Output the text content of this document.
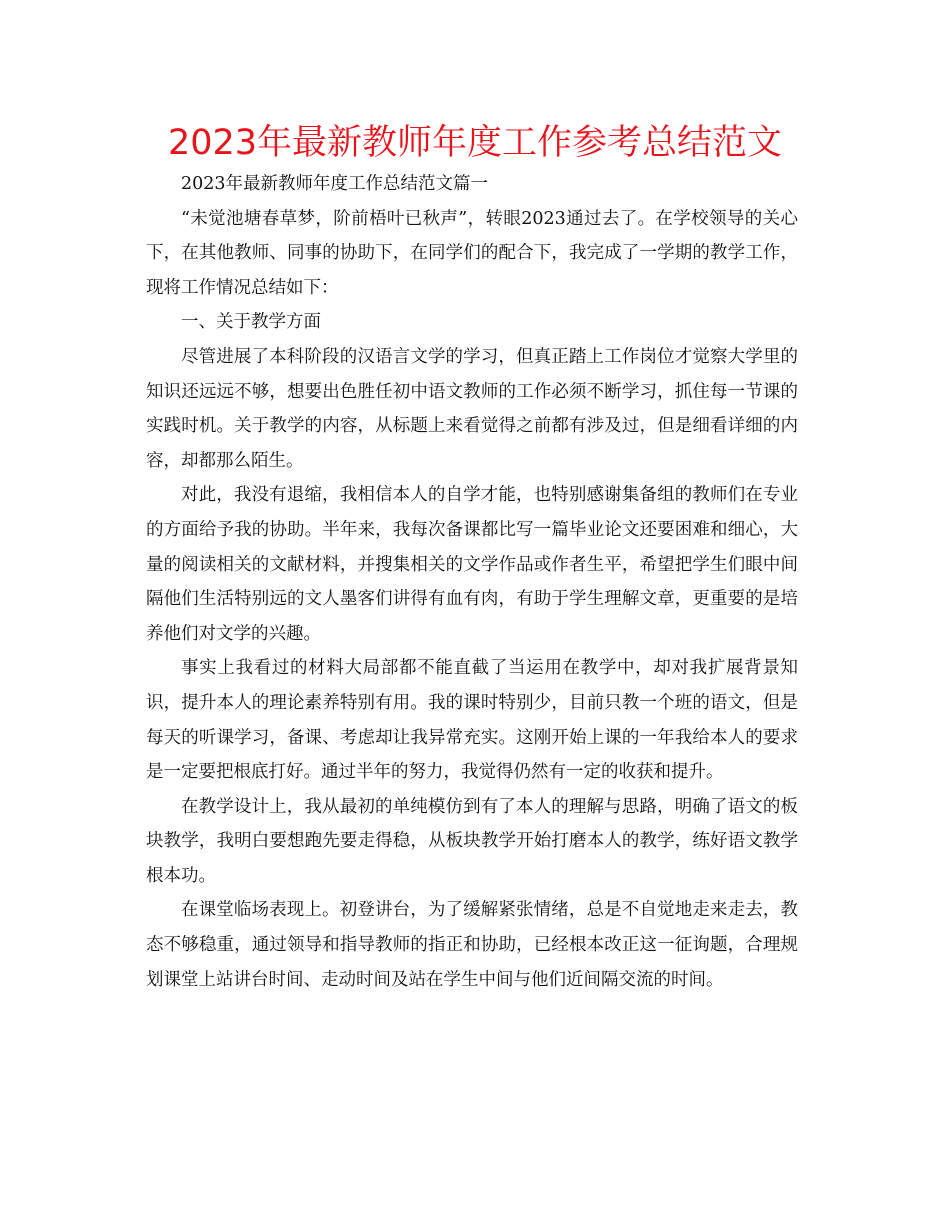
2023年最新教师年度工作参考总结范文

2023年最新教师年度工作总结范文篇一

“未觉池塘春草梦，阶前梧叶已秋声”，转眼2023通过去了。在学校领导的关心下，在其他教师、同事的协助下，在同学们的配合下，我完成了一学期的教学工作，现将工作情况总结如下：

一、关于教学方面

尽管进展了本科阶段的汉语言文学的学习，但真正踏上工作岗位才觉察大学里的知识还远远不够，想要出色胜任初中语文教师的工作必须不断学习，抓住每一节课的实践时机。关于教学的内容，从标题上来看觉得之前都有涉及过，但是细看详细的内容，却都那么陌生。

对此，我没有退缩，我相信本人的自学才能，也特别感谢集备组的教师们在专业的方面给予我的协助。半年来，我每次备课都比写一篇毕业论文还要困难和细心，大量的阅读相关的文献材料，并搜集相关的文学作品或作者生平，希望把学生们眼中间隔他们生活特别远的文人墨客们讲得有血有肉，有助于学生理解文章，更重要的是培养他们对文学的兴趣。

事实上我看过的材料大局部都不能直截了当运用在教学中，却对我扩展背景知识，提升本人的理论素养特别有用。我的课时特别少，目前只教一个班的语文，但是每天的听课学习，备课、考虑却让我异常充实。这刚开始上课的一年我给本人的要求是一定要把根底打好。通过半年的努力，我觉得仍然有一定的收获和提升。

在教学设计上，我从最初的单纯模仿到有了本人的理解与思路，明确了语文的板块教学，我明白要想跑先要走得稳，从板块教学开始打磨本人的教学，练好语文教学根本功。

在课堂临场表现上。初登讲台，为了缓解紧张情绪，总是不自觉地走来走去，教态不够稳重，通过领导和指导教师的指正和协助，已经根本改正这一征询题，合理规划课堂上站讲台时间、走动时间及站在学生中间与他们近间隔交流的时间。
